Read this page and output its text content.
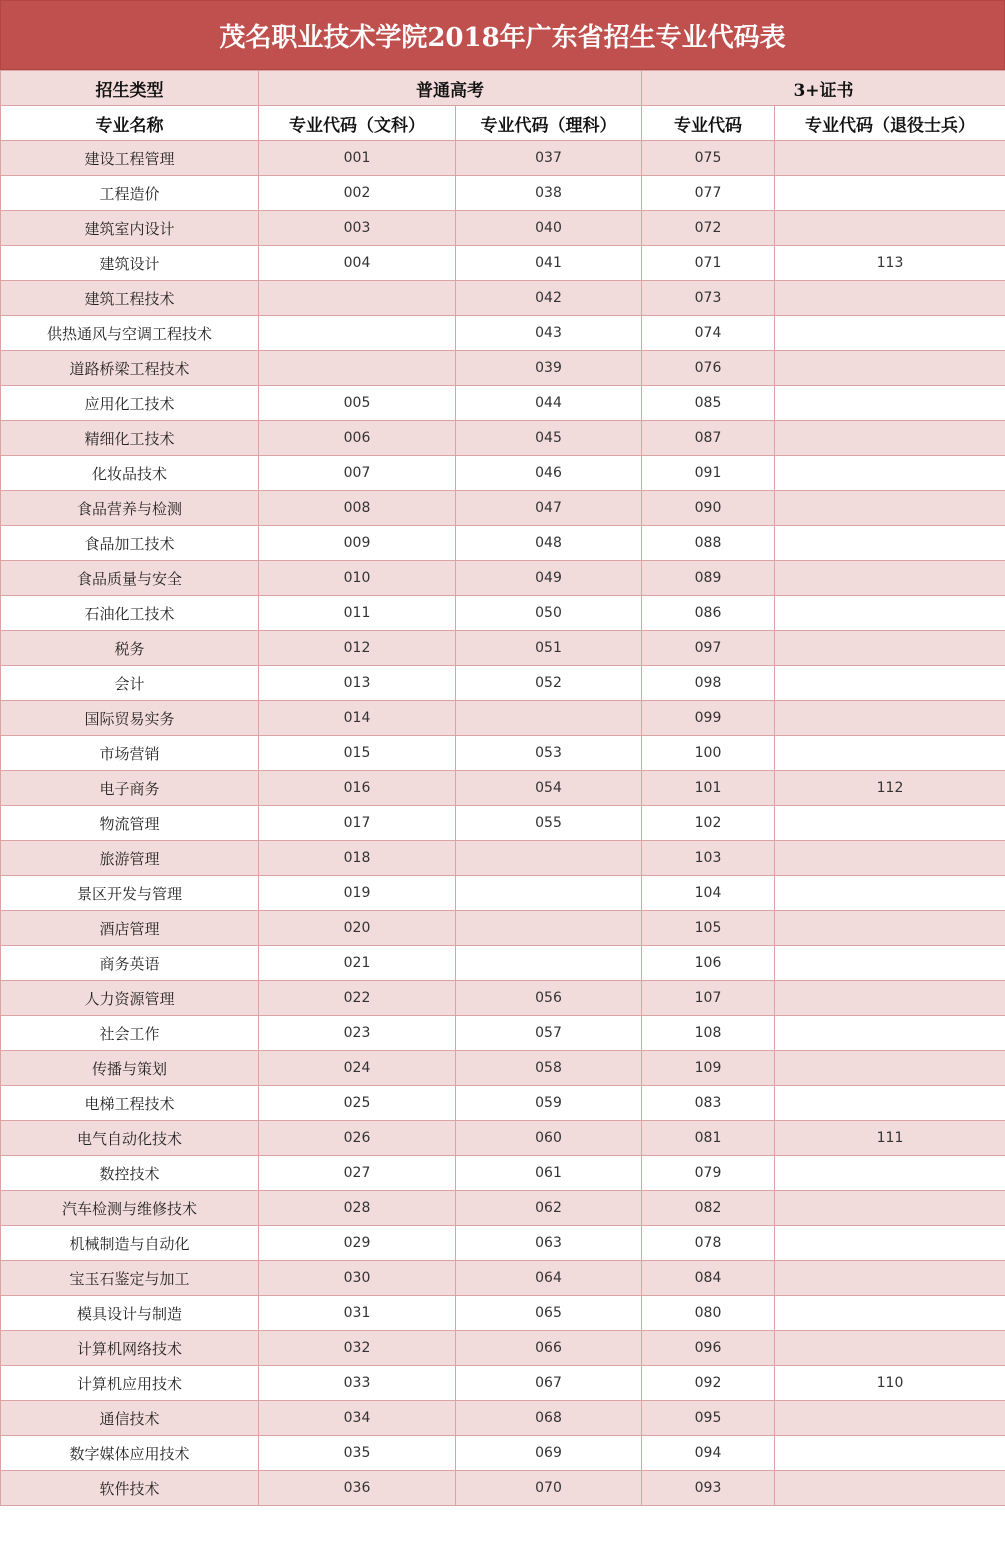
茂名职业技术学院2018年广东省招生专业代码表
招生类型	普通高考		3+证书	
专业名称	专业代码（文科）	专业代码（理科）	专业代码	专业代码（退役士兵）
建设工程管理	001	037	075	
工程造价	002	038	077	
建筑室内设计	003	040	072	
建筑设计	004	041	071	113
建筑工程技术		042	073	
供热通风与空调工程技术		043	074	
道路桥梁工程技术		039	076	
应用化工技术	005	044	085	
精细化工技术	006	045	087	
化妆品技术	007	046	091	
食品营养与检测	008	047	090	
食品加工技术	009	048	088	
食品质量与安全	010	049	089	
石油化工技术	011	050	086	
税务	012	051	097	
会计	013	052	098	
国际贸易实务	014		099	
市场营销	015	053	100	
电子商务	016	054	101	112
物流管理	017	055	102	
旅游管理	018		103	
景区开发与管理	019		104	
酒店管理	020		105	
商务英语	021		106	
人力资源管理	022	056	107	
社会工作	023	057	108	
传播与策划	024	058	109	
电梯工程技术	025	059	083	
电气自动化技术	026	060	081	111
数控技术	027	061	079	
汽车检测与维修技术	028	062	082	
机械制造与自动化	029	063	078	
宝玉石鉴定与加工	030	064	084	
模具设计与制造	031	065	080	
计算机网络技术	032	066	096	
计算机应用技术	033	067	092	110
通信技术	034	068	095	
数字媒体应用技术	035	069	094	
软件技术	036	070	093	
